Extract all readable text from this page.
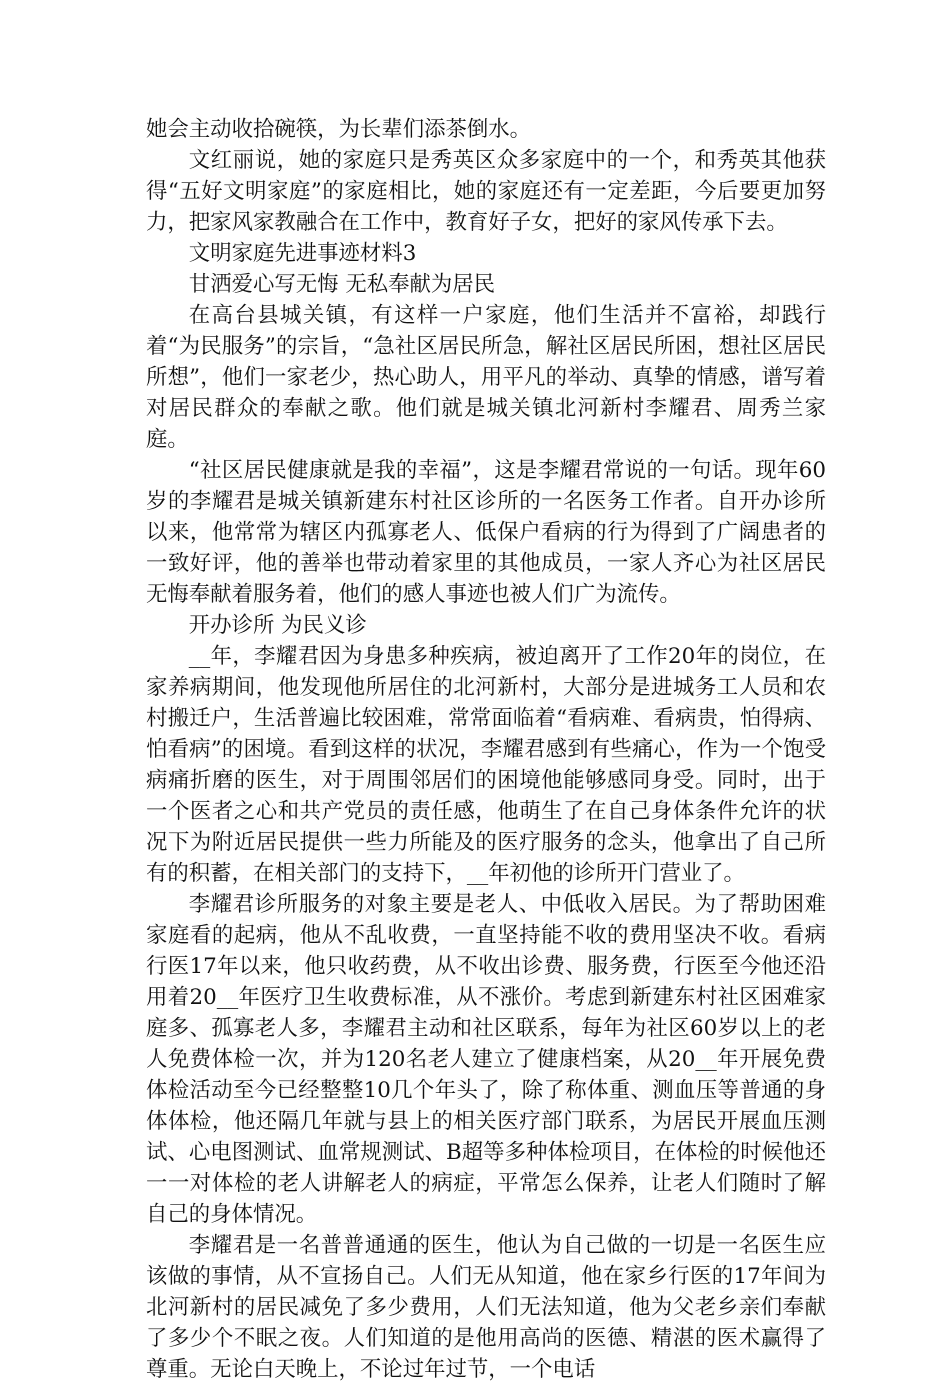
她会主动收拾碗筷，为长辈们添茶倒水。

文红丽说，她的家庭只是秀英区众多家庭中的一个，和秀英其他获得“五好文明家庭”的家庭相比，她的家庭还有一定差距，今后要更加努力，把家风家教融合在工作中，教育好子女，把好的家风传承下去。

文明家庭先进事迹材料3

甘洒爱心写无悔 无私奉献为居民

在高台县城关镇，有这样一户家庭，他们生活并不富裕，却践行着“为民服务”的宗旨，“急社区居民所急，解社区居民所困，想社区居民所想”，他们一家老少，热心助人，用平凡的举动、真挚的情感，谱写着对居民群众的奉献之歌。他们就是城关镇北河新村李耀君、周秀兰家庭。

“社区居民健康就是我的幸福”，这是李耀君常说的一句话。现年60岁的李耀君是城关镇新建东村社区诊所的一名医务工作者。自开办诊所以来，他常常为辖区内孤寡老人、低保户看病的行为得到了广阔患者的一致好评，他的善举也带动着家里的其他成员，一家人齐心为社区居民无悔奉献着服务着，他们的感人事迹也被人们广为流传。

开办诊所 为民义诊

__年，李耀君因为身患多种疾病，被迫离开了工作20年的岗位，在家养病期间，他发现他所居住的北河新村，大部分是进城务工人员和农村搬迁户，生活普遍比较困难，常常面临着“看病难、看病贵，怕得病、怕看病”的困境。看到这样的状况，李耀君感到有些痛心，作为一个饱受病痛折磨的医生，对于周围邻居们的困境他能够感同身受。同时，出于一个医者之心和共产党员的责任感，他萌生了在自己身体条件允许的状况下为附近居民提供一些力所能及的医疗服务的念头，他拿出了自己所有的积蓄，在相关部门的支持下，__年初他的诊所开门营业了。

李耀君诊所服务的对象主要是老人、中低收入居民。为了帮助困难家庭看的起病，他从不乱收费，一直坚持能不收的费用坚决不收。看病行医17年以来，他只收药费，从不收出诊费、服务费，行医至今他还沿用着20__年医疗卫生收费标准，从不涨价。考虑到新建东村社区困难家庭多、孤寡老人多，李耀君主动和社区联系，每年为社区60岁以上的老人免费体检一次，并为120名老人建立了健康档案，从20__年开展免费体检活动至今已经整整10几个年头了，除了称体重、测血压等普通的身体体检，他还隔几年就与县上的相关医疗部门联系，为居民开展血压测试、心电图测试、血常规测试、B超等多种体检项目，在体检的时候他还一一对体检的老人讲解老人的病症，平常怎么保养，让老人们随时了解自己的身体情况。

李耀君是一名普普通通的医生，他认为自己做的一切是一名医生应该做的事情，从不宣扬自己。人们无从知道，他在家乡行医的17年间为北河新村的居民减免了多少费用，人们无法知道，他为父老乡亲们奉献了多少个不眠之夜。人们知道的是他用高尚的医德、精湛的医术赢得了尊重。无论白天晚上，不论过年过节，一个电话
